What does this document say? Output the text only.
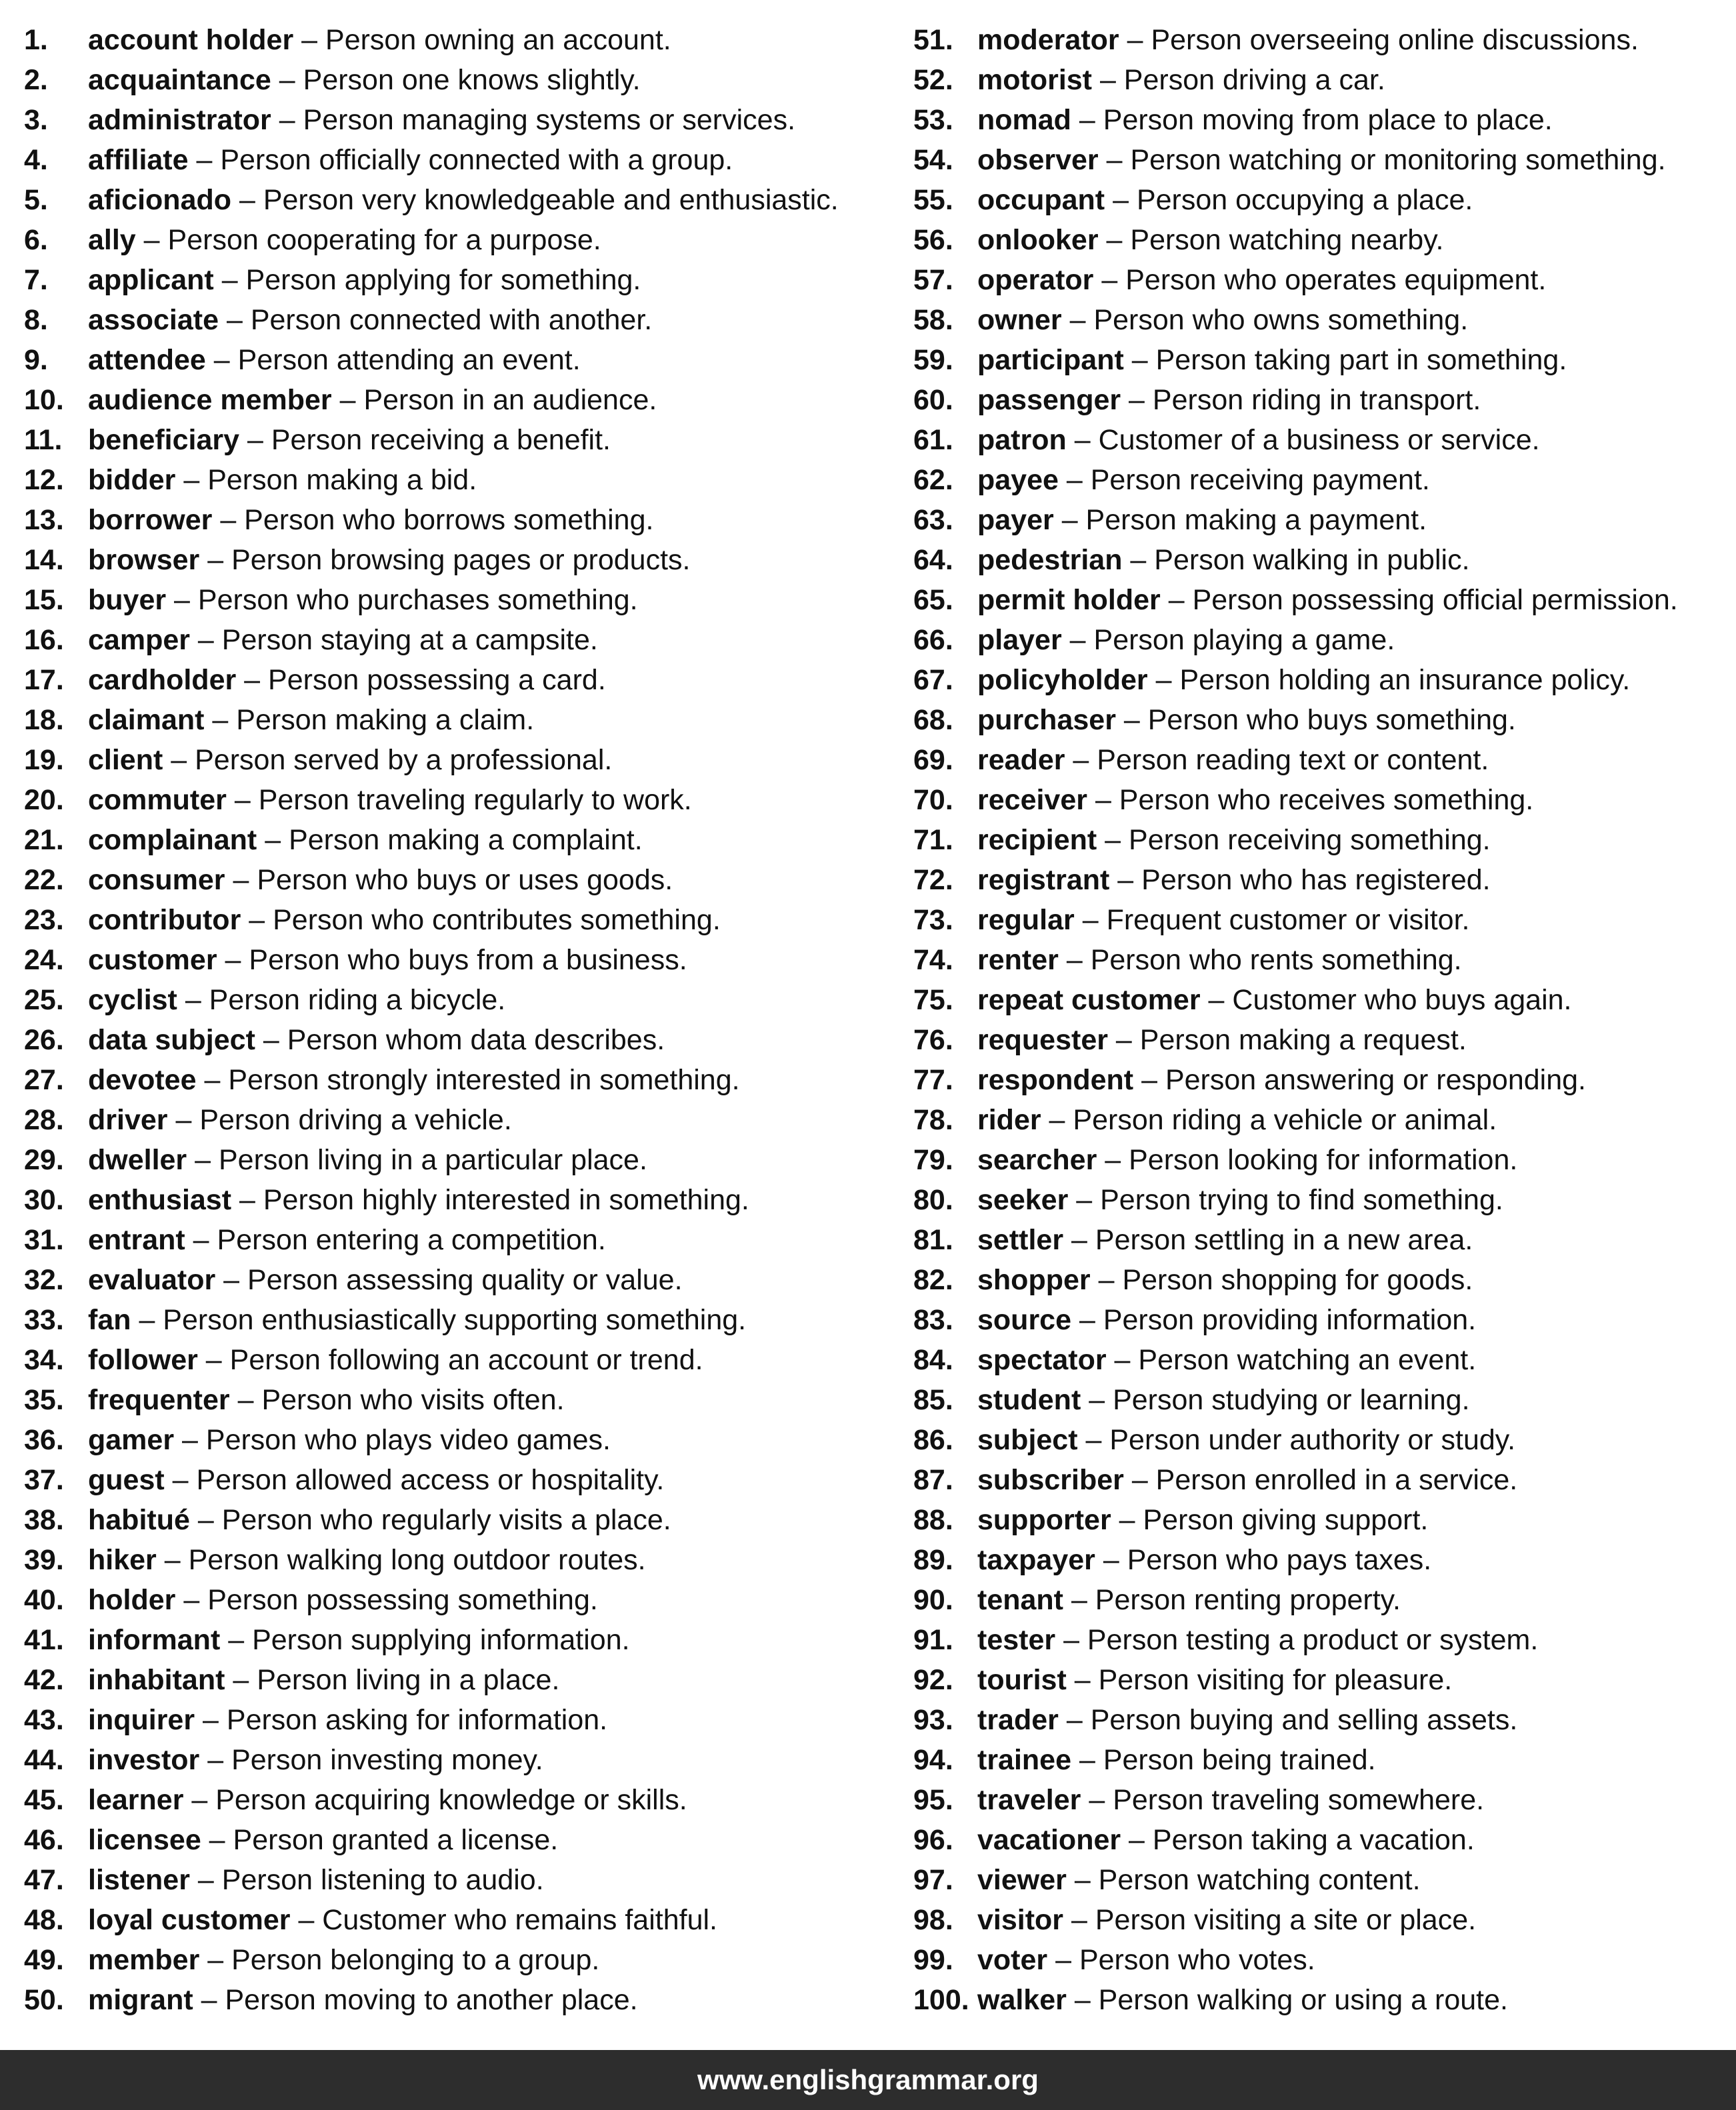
1.	account holder – Person owning an account.
2.	acquaintance – Person one knows slightly.
3.	administrator – Person managing systems or services.
4.	affiliate – Person officially connected with a group.
5.	aficionado – Person very knowledgeable and enthusiastic.
6.	ally – Person cooperating for a purpose.
7.	applicant – Person applying for something.
8.	associate – Person connected with another.
9.	attendee – Person attending an event.
10. audience member – Person in an audience.
11. beneficiary – Person receiving a benefit.
12. bidder – Person making a bid.
13. borrower – Person who borrows something.
14. browser – Person browsing pages or products.
15. buyer – Person who purchases something.
16. camper – Person staying at a campsite.
17. cardholder – Person possessing a card.
18. claimant – Person making a claim.
19. client – Person served by a professional.
20. commuter – Person traveling regularly to work.
21. complainant – Person making a complaint.
22. consumer – Person who buys or uses goods.
23. contributor – Person who contributes something.
24. customer – Person who buys from a business.
25. cyclist – Person riding a bicycle.
26. data subject – Person whom data describes.
27. devotee – Person strongly interested in something.
28. driver – Person driving a vehicle.
29. dweller – Person living in a particular place.
30. enthusiast – Person highly interested in something.
31. entrant – Person entering a competition.
32. evaluator – Person assessing quality or value.
33. fan – Person enthusiastically supporting something.
34. follower – Person following an account or trend.
35. frequenter – Person who visits often.
36. gamer – Person who plays video games.
37. guest – Person allowed access or hospitality.
38. habitué – Person who regularly visits a place.
39. hiker – Person walking long outdoor routes.
40. holder – Person possessing something.
41. informant – Person supplying information.
42. inhabitant – Person living in a place.
43. inquirer – Person asking for information.
44. investor – Person investing money.
45. learner – Person acquiring knowledge or skills.
46. licensee – Person granted a license.
47. listener – Person listening to audio.
48. loyal customer – Customer who remains faithful.
49. member – Person belonging to a group.
50. migrant – Person moving to another place.
51. moderator – Person overseeing online discussions.
52. motorist – Person driving a car.
53. nomad – Person moving from place to place.
54. observer – Person watching or monitoring something.
55. occupant – Person occupying a place.
56. onlooker – Person watching nearby.
57. operator – Person who operates equipment.
58. owner – Person who owns something.
59. participant – Person taking part in something.
60. passenger – Person riding in transport.
61. patron – Customer of a business or service.
62. payee – Person receiving payment.
63. payer – Person making a payment.
64. pedestrian – Person walking in public.
65. permit holder – Person possessing official permission.
66. player – Person playing a game.
67. policyholder – Person holding an insurance policy.
68. purchaser – Person who buys something.
69. reader – Person reading text or content.
70. receiver – Person who receives something.
71. recipient – Person receiving something.
72. registrant – Person who has registered.
73. regular – Frequent customer or visitor.
74. renter – Person who rents something.
75. repeat customer – Customer who buys again.
76. requester – Person making a request.
77. respondent – Person answering or responding.
78. rider – Person riding a vehicle or animal.
79. searcher – Person looking for information.
80. seeker – Person trying to find something.
81. settler – Person settling in a new area.
82. shopper – Person shopping for goods.
83. source – Person providing information.
84. spectator – Person watching an event.
85. student – Person studying or learning.
86. subject – Person under authority or study.
87. subscriber – Person enrolled in a service.
88. supporter – Person giving support.
89. taxpayer – Person who pays taxes.
90. tenant – Person renting property.
91. tester – Person testing a product or system.
92. tourist – Person visiting for pleasure.
93. trader – Person buying and selling assets.
94. trainee – Person being trained.
95. traveler – Person traveling somewhere.
96. vacationer – Person taking a vacation.
97. viewer – Person watching content.
98. visitor – Person visiting a site or place.
99. voter – Person who votes.
100. walker – Person walking or using a route.
www.englishgrammar.org
